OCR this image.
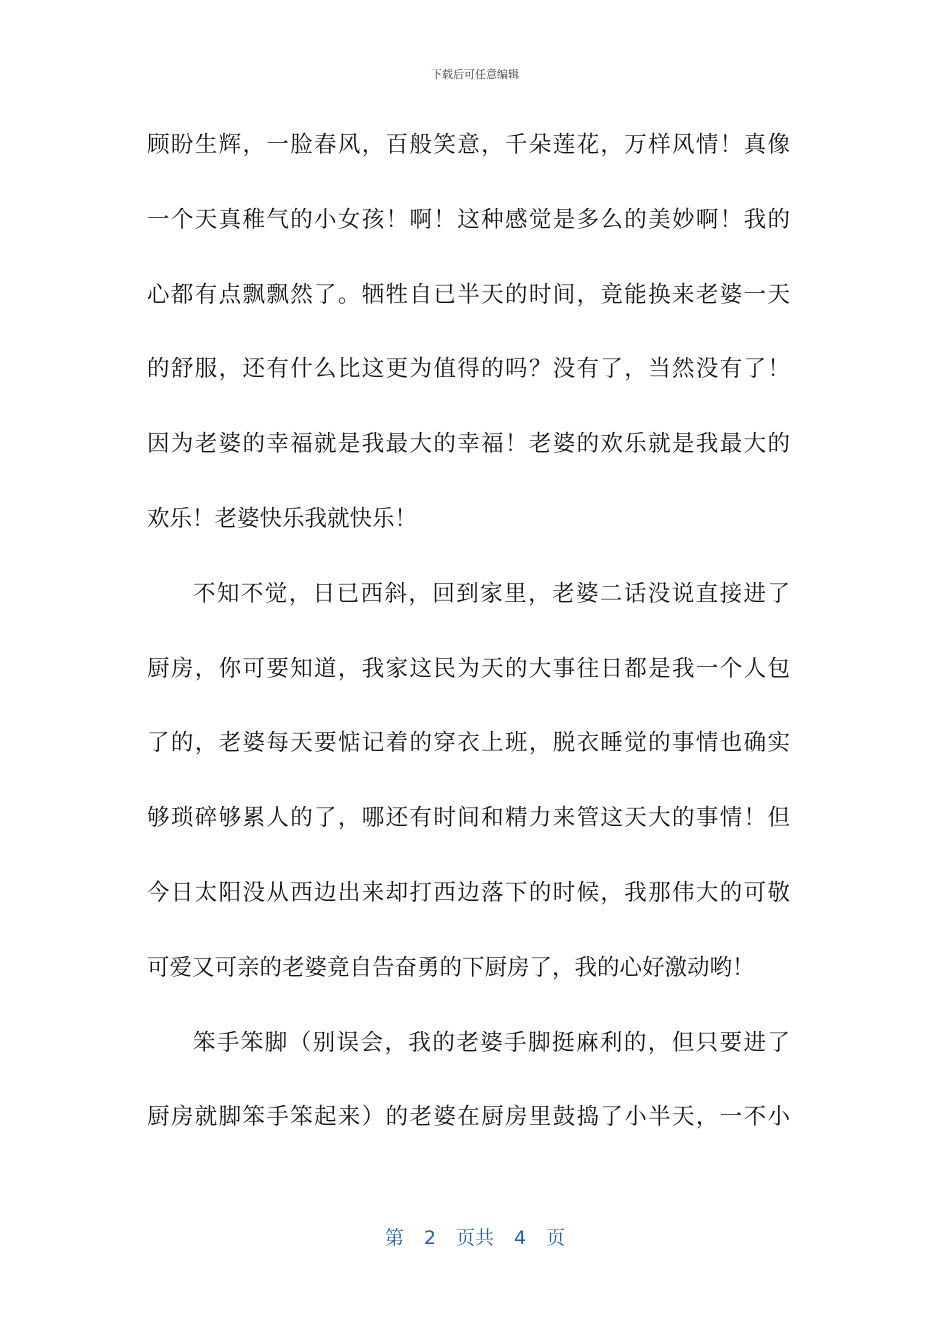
下载后可任意编辑
顾盼生辉，一脸春风，百般笑意，千朵莲花，万样风情！真像
一个天真稚气的小女孩！啊！这种感觉是多么的美妙啊！我的
心都有点飘飘然了。牺牲自已半天的时间，竟能换来老婆一天
的舒服，还有什么比这更为值得的吗？没有了，当然没有了！
因为老婆的幸福就是我最大的幸福！老婆的欢乐就是我最大的
欢乐！老婆快乐我就快乐！
不知不觉，日已西斜，回到家里，老婆二话没说直接进了
厨房，你可要知道，我家这民为天的大事往日都是我一个人包
了的，老婆每天要惦记着的穿衣上班，脱衣睡觉的事情也确实
够琐碎够累人的了，哪还有时间和精力来管这天大的事情！但
今日太阳没从西边出来却打西边落下的时候，我那伟大的可敬
可爱又可亲的老婆竟自告奋勇的下厨房了，我的心好激动哟！
笨手笨脚（别误会，我的老婆手脚挺麻利的，但只要进了
厨房就脚笨手笨起来）的老婆在厨房里鼓捣了小半天，一不小
第 2 页共 4 页
